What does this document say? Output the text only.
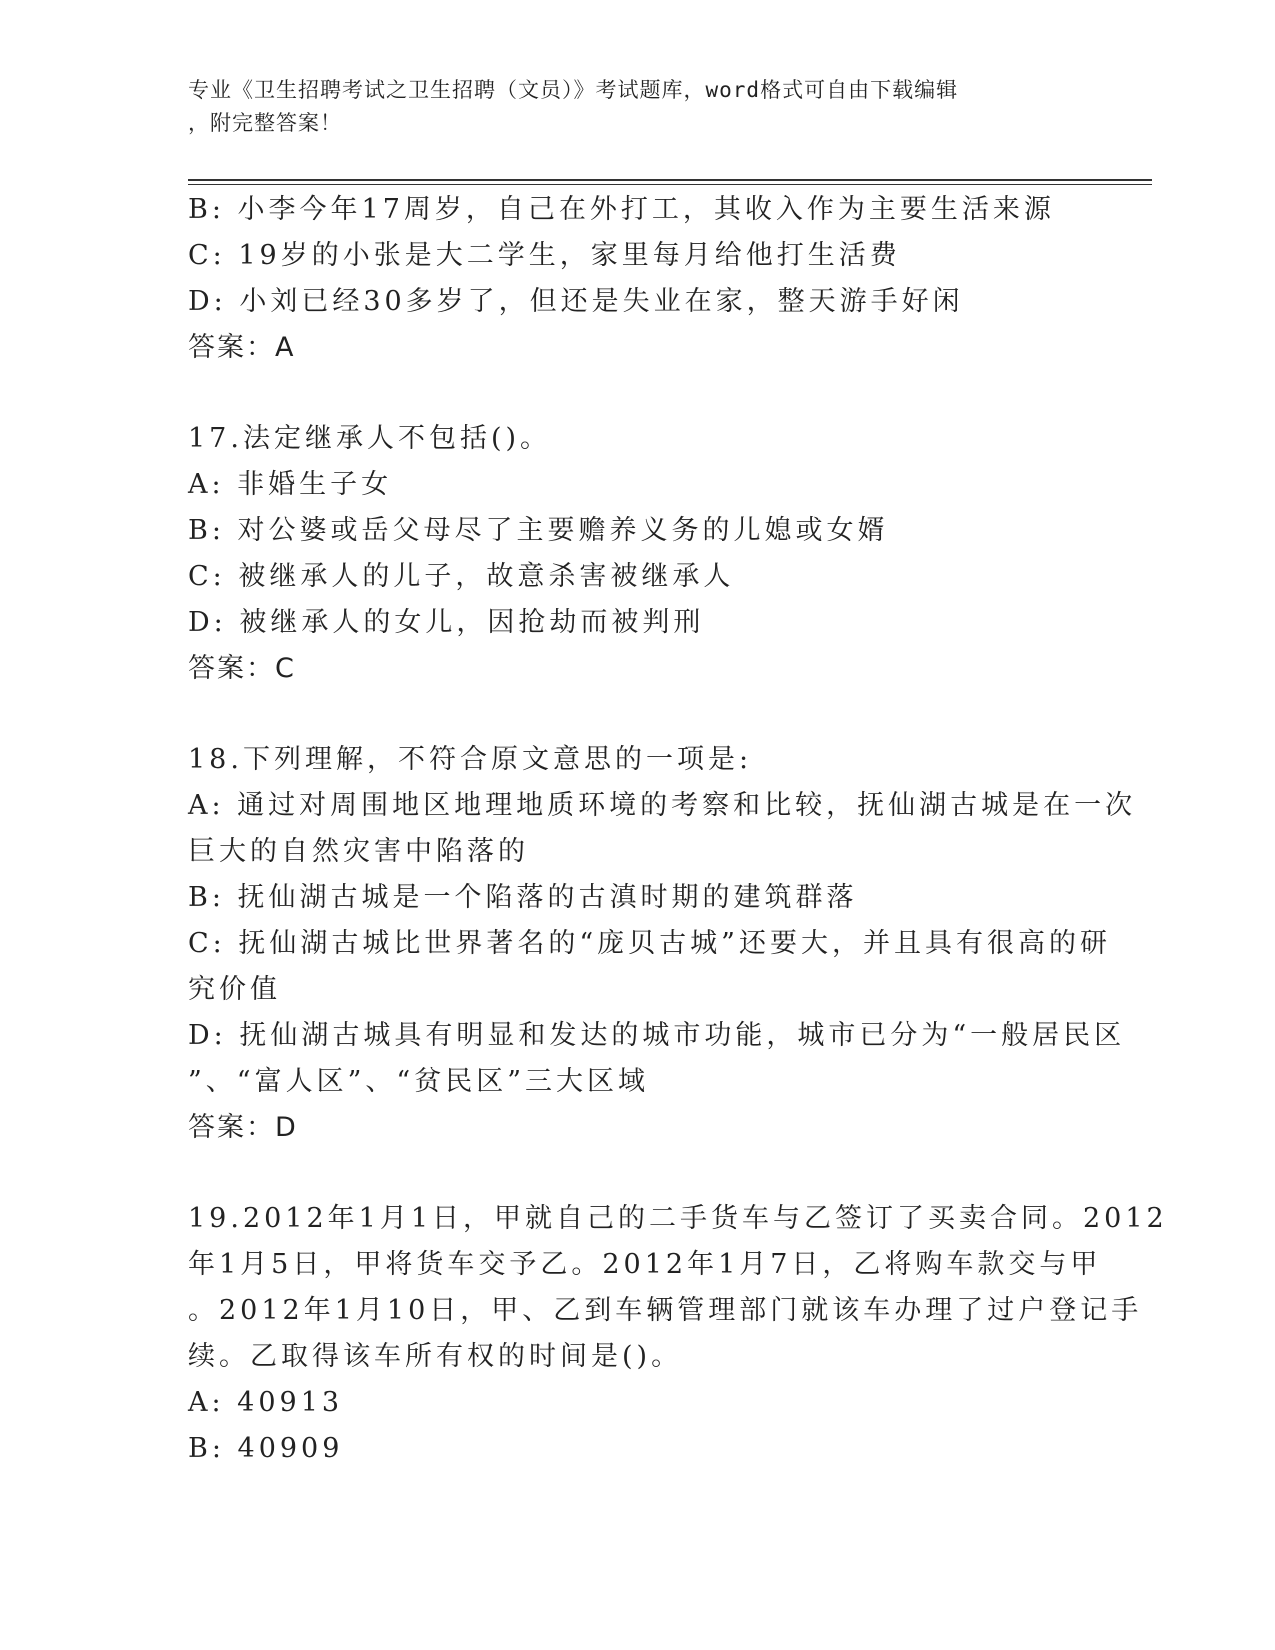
专业《卫生招聘考试之卫生招聘（文员）》考试题库，word格式可自由下载编辑
，附完整答案！
B: 小李今年17周岁，自己在外打工，其收入作为主要生活来源
C: 19岁的小张是大二学生，家里每月给他打生活费
D: 小刘已经30多岁了，但还是失业在家，整天游手好闲
答案：A
17.法定继承人不包括()。
A: 非婚生子女
B: 对公婆或岳父母尽了主要赡养义务的儿媳或女婿
C: 被继承人的儿子，故意杀害被继承人
D: 被继承人的女儿，因抢劫而被判刑
答案：C
18.下列理解，不符合原文意思的一项是:
A: 通过对周围地区地理地质环境的考察和比较，抚仙湖古城是在一次
巨大的自然灾害中陷落的
B: 抚仙湖古城是一个陷落的古滇时期的建筑群落
C: 抚仙湖古城比世界著名的“庞贝古城”还要大，并且具有很高的研
究价值
D: 抚仙湖古城具有明显和发达的城市功能，城市已分为“一般居民区
”、“富人区”、“贫民区”三大区域
答案：D
19.2012年1月1日，甲就自己的二手货车与乙签订了买卖合同。2012
年1月5日，甲将货车交予乙。2012年1月7日，乙将购车款交与甲
。2012年1月10日，甲、乙到车辆管理部门就该车办理了过户登记手
续。乙取得该车所有权的时间是()。
A: 40913
B: 40909
